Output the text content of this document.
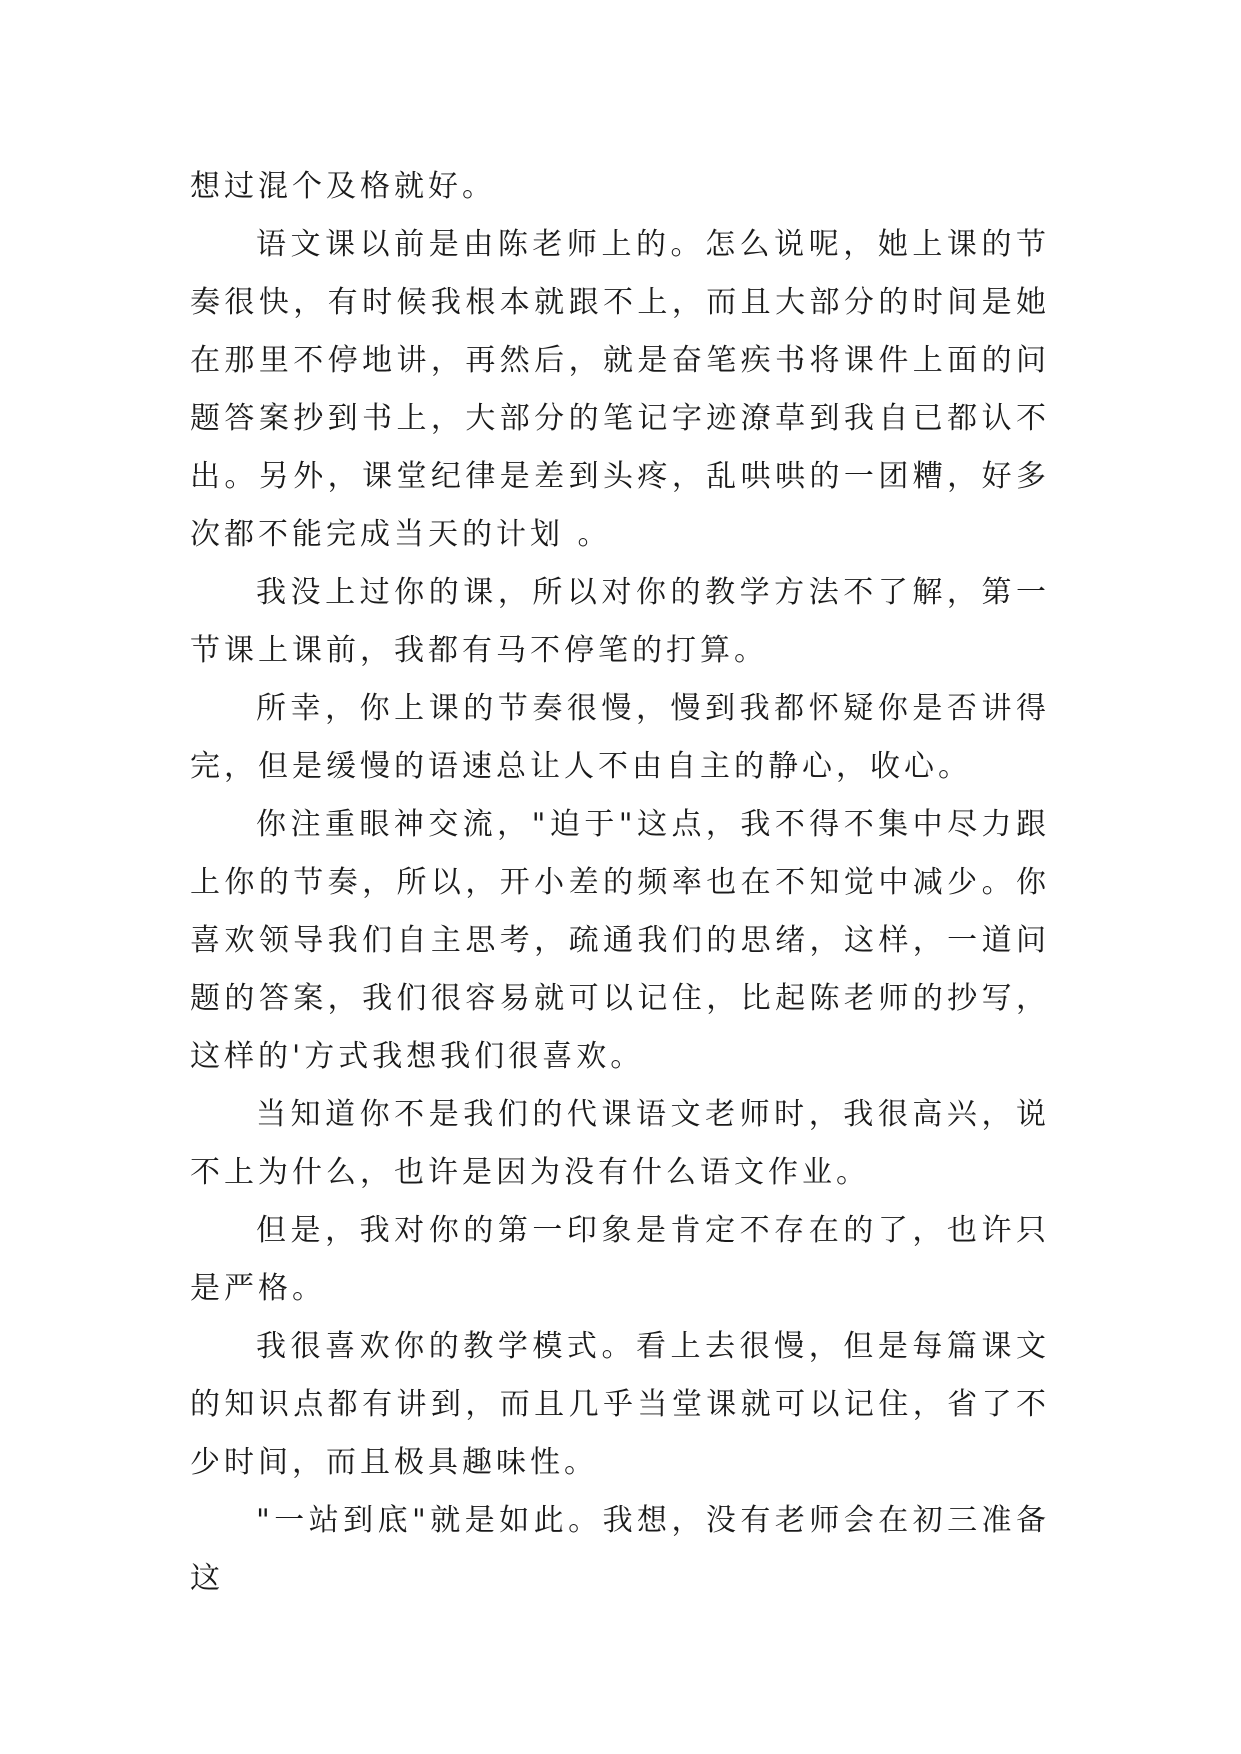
想过混个及格就好。

语文课以前是由陈老师上的。怎么说呢，她上课的节奏很快，有时候我根本就跟不上，而且大部分的时间是她在那里不停地讲，再然后，就是奋笔疾书将课件上面的问题答案抄到书上，大部分的笔记字迹潦草到我自已都认不出。另外，课堂纪律是差到头疼，乱哄哄的一团糟，好多次都不能完成当天的计划 。

我没上过你的课，所以对你的教学方法不了解，第一节课上课前，我都有马不停笔的打算。

所幸，你上课的节奏很慢，慢到我都怀疑你是否讲得完，但是缓慢的语速总让人不由自主的静心，收心。

你注重眼神交流，"迫于"这点，我不得不集中尽力跟上你的节奏，所以，开小差的频率也在不知觉中减少。你喜欢领导我们自主思考，疏通我们的思绪，这样，一道问题的答案，我们很容易就可以记住，比起陈老师的抄写，这样的'方式我想我们很喜欢。

当知道你不是我们的代课语文老师时，我很高兴，说不上为什么，也许是因为没有什么语文作业。

但是，我对你的第一印象是肯定不存在的了，也许只是严格。

我很喜欢你的教学模式。看上去很慢，但是每篇课文的知识点都有讲到，而且几乎当堂课就可以记住，省了不少时间，而且极具趣味性。

"一站到底"就是如此。我想，没有老师会在初三准备这
